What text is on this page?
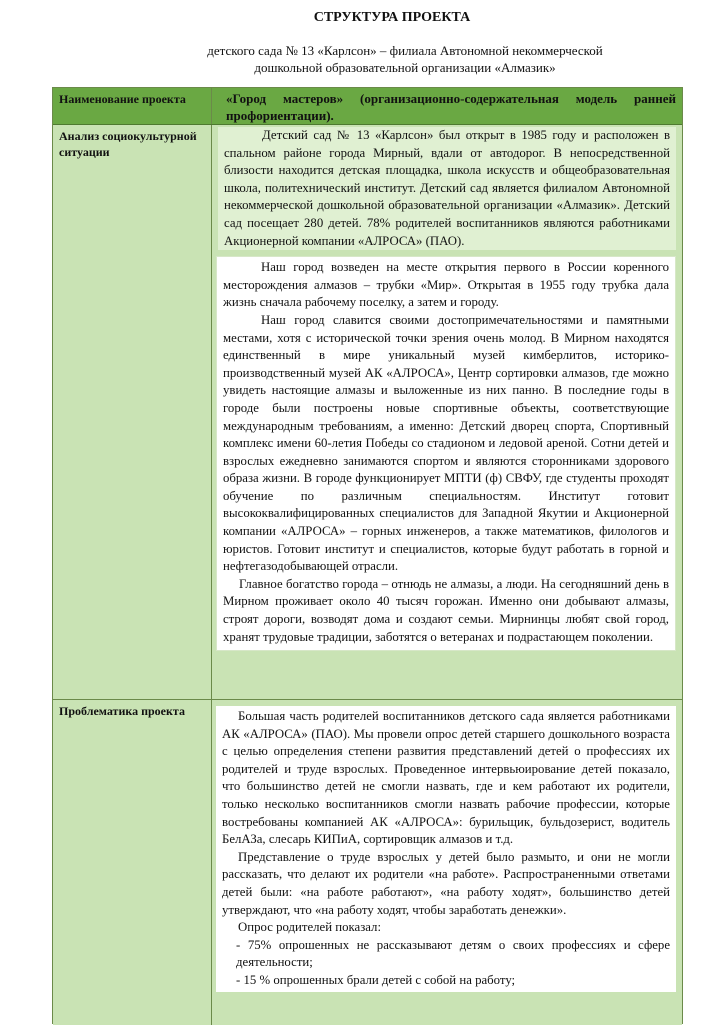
СТРУКТУРА ПРОЕКТА
детского сада № 13 «Карлсон» – филиала Автономной некоммерческой
дошкольной образовательной организации «Алмазик»
Наименование проекта	«Город мастеров» (организационно-содержательная модель ранней профориентации).
Анализ социокультурной ситуации

Детский сад № 13 «Карлсон» был открыт в 1985 году и расположен в спальном районе города Мирный, вдали от автодорог. В непосредственной близости находится детская площадка, школа искусств и общеобразовательная школа, политехнический институт. Детский сад является филиалом Автономной некоммерческой дошкольной образовательной организации «Алмазик». Детский сад посещает 280 детей. 78% родителей воспитанников являются работниками Акционерной компании «АЛРОСА» (ПАО).

Наш город возведен на месте открытия первого в России коренного месторождения алмазов – трубки «Мир». Открытая в 1955 году трубка дала жизнь сначала рабочему поселку, а затем и городу.

Наш город славится своими достопримечательностями и памятными местами, хотя с исторической точки зрения очень молод. В Мирном находятся единственный в мире уникальный музей кимберлитов, историко-производственный музей АК «АЛРОСА», Центр сортировки алмазов, где можно увидеть настоящие алмазы и выложенные из них панно. В последние годы в городе были построены новые спортивные объекты, соответствующие международным требованиям, а именно: Детский дворец спорта, Спортивный комплекс имени 60-летия Победы со стадионом и ледовой ареной. Сотни детей и взрослых ежедневно занимаются спортом и являются сторонниками здорового образа жизни. В городе функционирует МПТИ (ф) СВФУ, где студенты проходят обучение по различным специальностям. Институт готовит высококвалифицированных специалистов для Западной Якутии и Акционерной компании «АЛРОСА» – горных инженеров, а также математиков, филологов и юристов. Готовит институт и специалистов, которые будут работать в горной и нефтегазодобывающей отрасли.

Главное богатство города – отнюдь не алмазы, а люди. На сегодняшний день в Мирном проживает около 40 тысяч горожан. Именно они добывают алмазы, строят дороги, возводят дома и создают семьи. Мирнинцы любят свой город, хранят трудовые традиции, заботятся о ветеранах и подрастающем поколении.

Проблематика проекта	Большая часть родителей воспитанников детского сада является работниками АК «АЛРОСА» (ПАО). Мы провели опрос детей старшего дошкольного возраста с целью определения степени развития представлений детей о профессиях их родителей и труде взрослых. Проведенное интервьюирование детей показало, что большинство детей не смогли назвать, где и кем работают их родители, только несколько воспитанников смогли назвать рабочие профессии, которые востребованы компанией АК «АЛРОСА»: бурильщик, бульдозерист, водитель БелАЗа, слесарь КИПиА, сортировщик алмазов и т.д.

Представление о труде взрослых у детей было размыто, и они не могли рассказать, что делают их родители «на работе». Распространенными ответами детей были: «на работе работают», «на работу ходят», большинство детей утверждают, что «на работу ходят, чтобы заработать денежки».

Опрос родителей показал:

- 75% опрошенных не рассказывают детям о своих профессиях и сфере деятельности;

- 15 % опрошенных брали детей с собой на работу;
